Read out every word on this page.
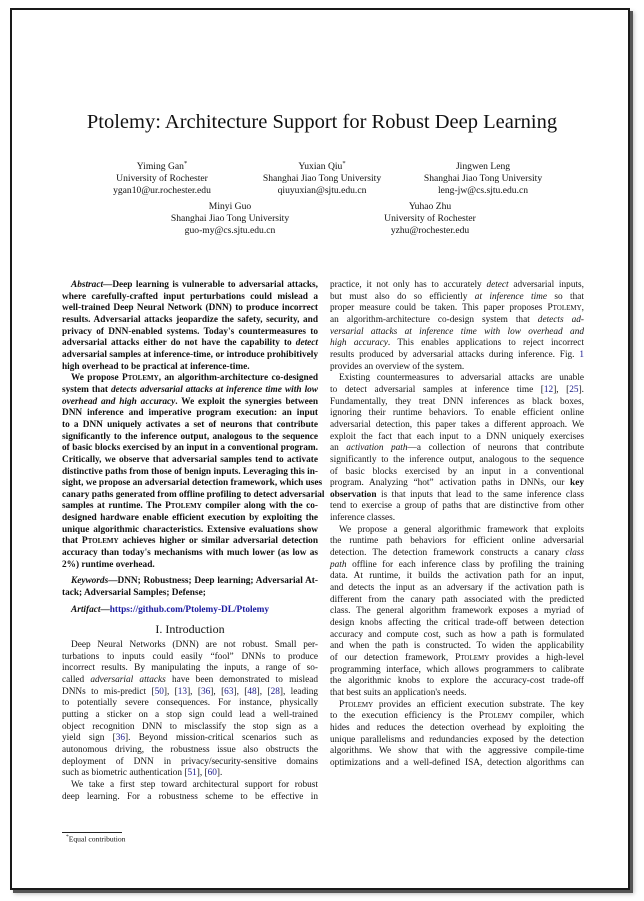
Ptolemy: Architecture Support for Robust Deep Learning
Yiming Gan*
University of Rochester
ygan10@ur.rochester.edu
Yuxian Qiu*
Shanghai Jiao Tong University
qiuyuxian@sjtu.edu.cn
Jingwen Leng
Shanghai Jiao Tong University
leng-jw@cs.sjtu.edu.cn
Minyi Guo
Shanghai Jiao Tong University
guo-my@cs.sjtu.edu.cn
Yuhao Zhu
University of Rochester
yzhu@rochester.edu
Abstract—Deep learning is vulnerable to adversarial attacks,
where carefully-crafted input perturbations could mislead a
well-trained Deep Neural Network (DNN) to produce incorrect
results. Adversarial attacks jeopardize the safety, security, and
privacy of DNN-enabled systems. Today's countermeasures to
adversarial attacks either do not have the capability to detect
adversarial samples at inference-time, or introduce prohibitively
high overhead to be practical at inference-time.
We propose Ptolemy, an algorithm-architecture co-designed
system that detects adversarial attacks at inference time with low
overhead and high accuracy. We exploit the synergies between
DNN inference and imperative program execution: an input
to a DNN uniquely activates a set of neurons that contribute
significantly to the inference output, analogous to the sequence
of basic blocks exercised by an input in a conventional program.
Critically, we observe that adversarial samples tend to activate
distinctive paths from those of benign inputs. Leveraging this in-
sight, we propose an adversarial detection framework, which uses
canary paths generated from offline profiling to detect adversarial
samples at runtime. The Ptolemy compiler along with the co-
designed hardware enable efficient execution by exploiting the
unique algorithmic characteristics. Extensive evaluations show
that Ptolemy achieves higher or similar adversarial detection
accuracy than today's mechanisms with much lower (as low as
2%) runtime overhead.
Keywords—DNN; Robustness; Deep learning; Adversarial At-
tack; Adversarial Samples; Defense;
Artifact—https://github.com/Ptolemy-DL/Ptolemy
I. Introduction
Deep Neural Networks (DNN) are not robust. Small per-
turbations to inputs could easily “fool” DNNs to produce
incorrect results. By manipulating the inputs, a range of so-
called adversarial attacks have been demonstrated to mislead
DNNs to mis-predict [50], [13], [36], [63], [48], [28], leading
to potentially severe consequences. For instance, physically
putting a sticker on a stop sign could lead a well-trained
object recognition DNN to misclassify the stop sign as a
yield sign [36]. Beyond mission-critical scenarios such as
autonomous driving, the robustness issue also obstructs the
deployment of DNN in privacy/security-sensitive domains
such as biometric authentication [51], [60].
We take a first step toward architectural support for robust
deep learning. For a robustness scheme to be effective in
*Equal contribution
practice, it not only has to accurately detect adversarial inputs,
but must also do so efficiently at inference time so that
proper measure could be taken. This paper proposes Ptolemy,
an algorithm-architecture co-design system that detects ad-
versarial attacks at inference time with low overhead and
high accuracy. This enables applications to reject incorrect
results produced by adversarial attacks during inference. Fig. 1
provides an overview of the system.
Existing countermeasures to adversarial attacks are unable
to detect adversarial samples at inference time [12], [25].
Fundamentally, they treat DNN inferences as black boxes,
ignoring their runtime behaviors. To enable efficient online
adversarial detection, this paper takes a different approach. We
exploit the fact that each input to a DNN uniquely exercises
an activation path—a collection of neurons that contribute
significantly to the inference output, analogous to the sequence
of basic blocks exercised by an input in a conventional
program. Analyzing “hot” activation paths in DNNs, our key
observation is that inputs that lead to the same inference class
tend to exercise a group of paths that are distinctive from other
inference classes.
We propose a general algorithmic framework that exploits
the runtime path behaviors for efficient online adversarial
detection. The detection framework constructs a canary class
path offline for each inference class by profiling the training
data. At runtime, it builds the activation path for an input,
and detects the input as an adversary if the activation path is
different from the canary path associated with the predicted
class. The general algorithm framework exposes a myriad of
design knobs affecting the critical trade-off between detection
accuracy and compute cost, such as how a path is formulated
and when the path is constructed. To widen the applicability
of our detection framework, Ptolemy provides a high-level
programming interface, which allows programmers to calibrate
the algorithmic knobs to explore the accuracy-cost trade-off
that best suits an application's needs.
Ptolemy provides an efficient execution substrate. The key
to the execution efficiency is the Ptolemy compiler, which
hides and reduces the detection overhead by exploiting the
unique parallelisms and redundancies exposed by the detection
algorithms. We show that with the aggressive compile-time
optimizations and a well-defined ISA, detection algorithms can
